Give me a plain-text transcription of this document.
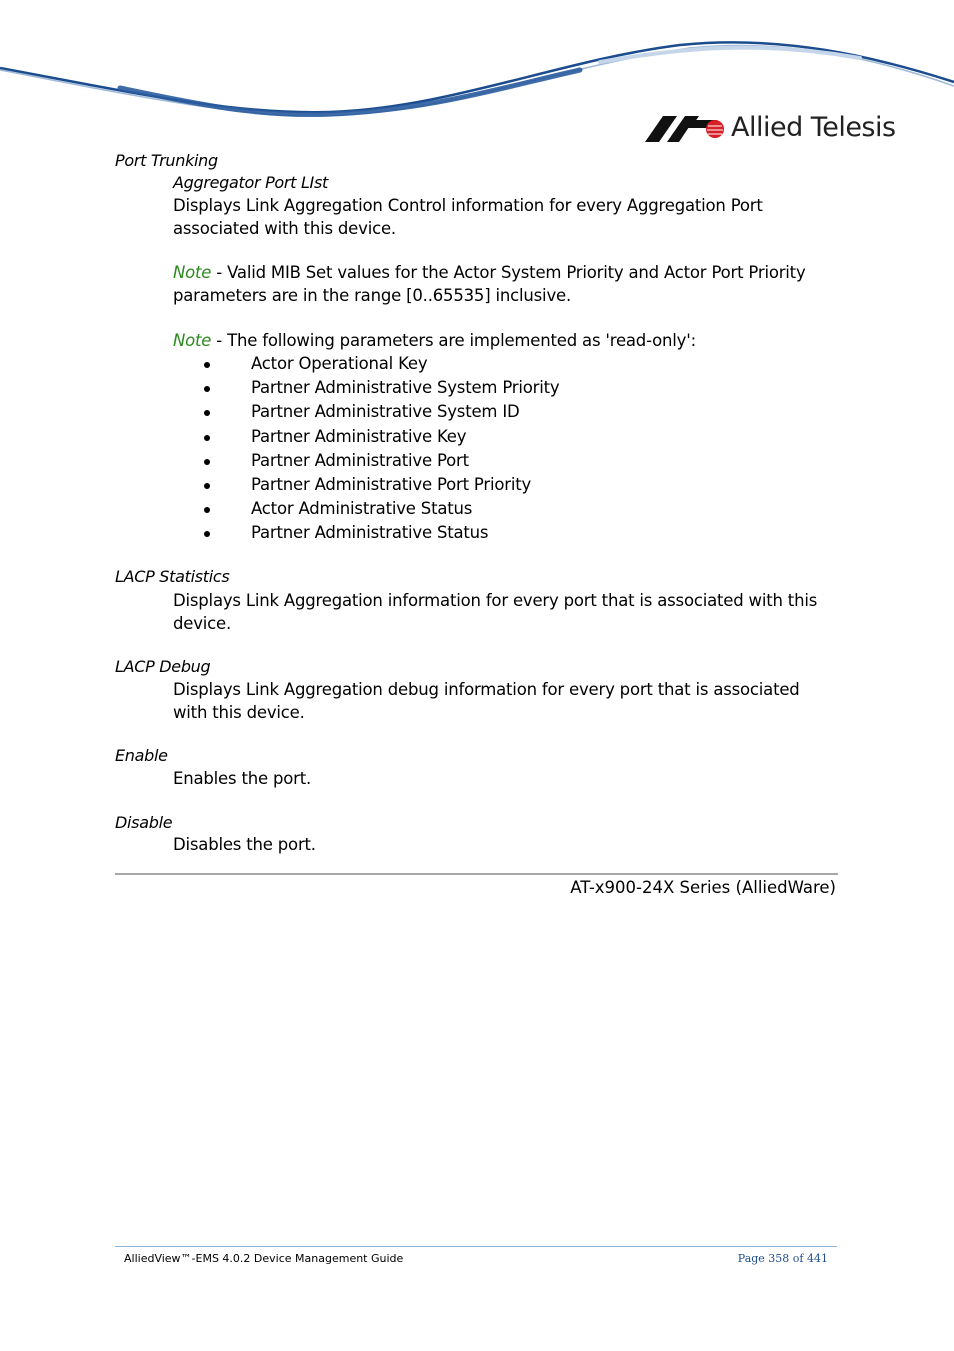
Allied Telesis
Port Trunking
Aggregator Port LIst
Displays Link Aggregation Control information for every Aggregation Port associated with this device.
Note - Valid MIB Set values for the Actor System Priority and Actor Port Priority parameters are in the range [0..65535] inclusive.
Note - The following parameters are implemented as 'read-only':
Actor Operational Key
Partner Administrative System Priority
Partner Administrative System ID
Partner Administrative Key
Partner Administrative Port
Partner Administrative Port Priority
Actor Administrative Status
Partner Administrative Status
LACP Statistics
Displays Link Aggregation information for every port that is associated with this device.
LACP Debug
Displays Link Aggregation debug information for every port that is associated with this device.
Enable
Enables the port.
Disable
Disables the port.
AT-x900-24X Series (AlliedWare)
AlliedView™-EMS 4.0.2 Device Management Guide	Page 358 of 441
